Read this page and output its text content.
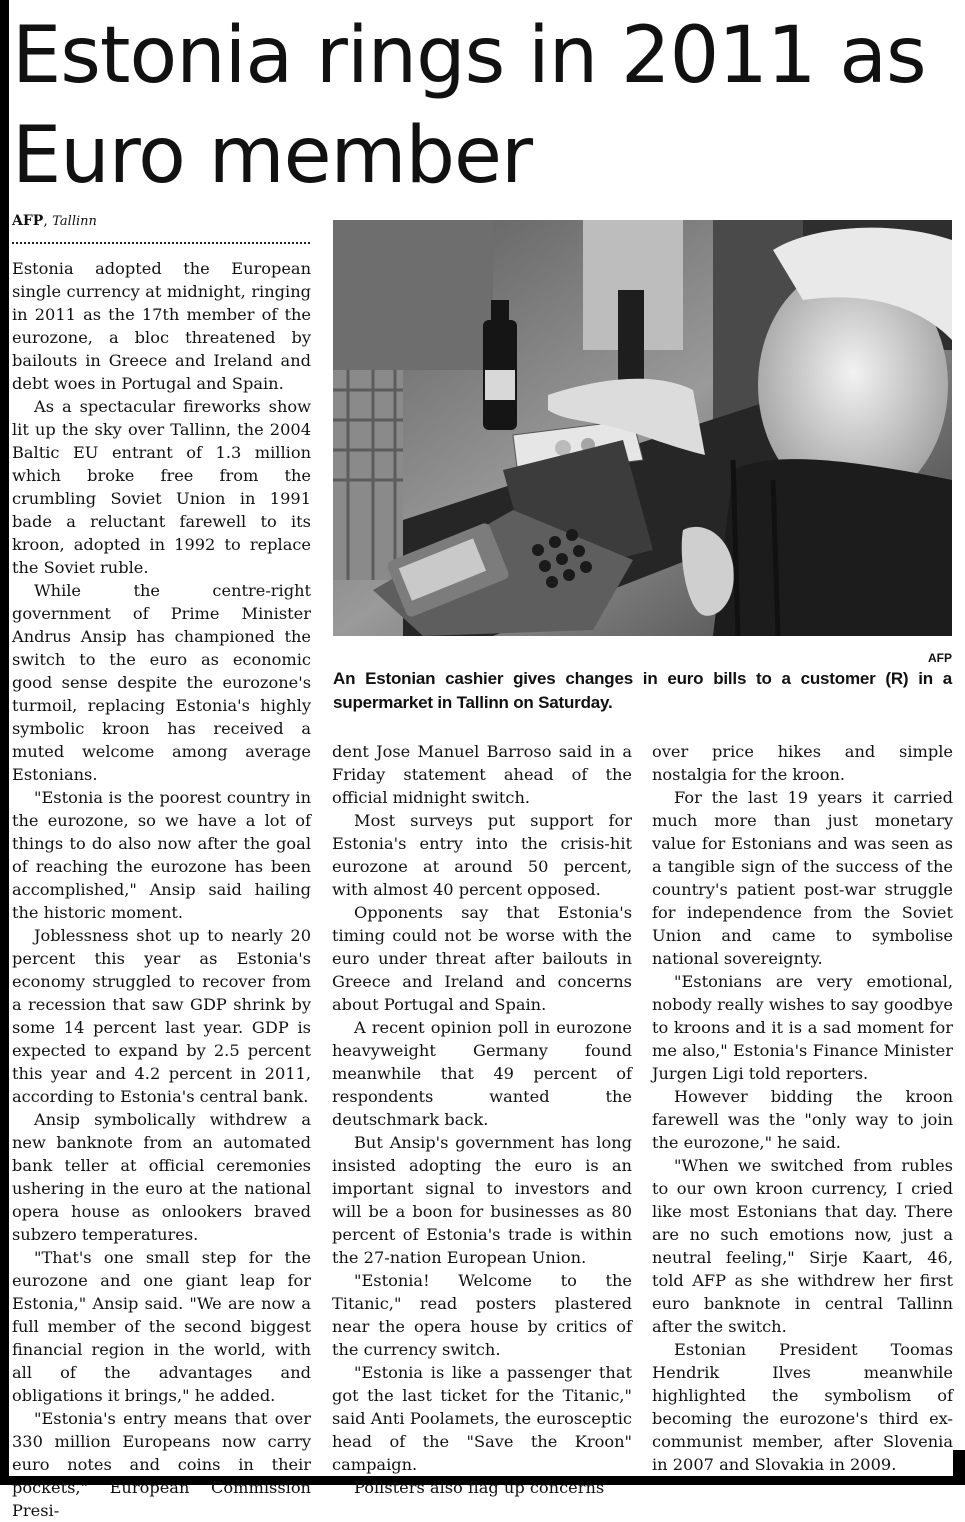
Estonia rings in 2011 as Euro member
AFP, Tallinn

Estonia adopted the European single currency at midnight, ringing in 2011 as the 17th member of the eurozone, a bloc threatened by bailouts in Greece and Ireland and debt woes in Portugal and Spain.

As a spectacular fireworks show lit up the sky over Tallinn, the 2004 Baltic EU entrant of 1.3 million which broke free from the crumbling Soviet Union in 1991 bade a reluctant farewell to its kroon, adopted in 1992 to replace the Soviet ruble.

While the centre-right government of Prime Minister Andrus Ansip has championed the switch to the euro as economic good sense despite the eurozone's turmoil, replacing Estonia's highly symbolic kroon has received a muted welcome among average Estonians.

"Estonia is the poorest country in the eurozone, so we have a lot of things to do also now after the goal of reaching the eurozone has been accomplished," Ansip said hailing the historic moment.

Joblessness shot up to nearly 20 percent this year as Estonia's economy struggled to recover from a recession that saw GDP shrink by some 14 percent last year. GDP is expected to expand by 2.5 percent this year and 4.2 percent in 2011, according to Estonia's central bank.

Ansip symbolically withdrew a new banknote from an automated bank teller at official ceremonies ushering in the euro at the national opera house as onlookers braved subzero temperatures.

"That's one small step for the eurozone and one giant leap for Estonia," Ansip said. "We are now a full member of the second biggest financial region in the world, with all of the advantages and obligations it brings," he added.

"Estonia's entry means that over 330 million Europeans now carry euro notes and coins in their pockets," European Commission Presi-

AFP

An Estonian cashier gives changes in euro bills to a customer (R) in a supermarket in Tallinn on Saturday.

dent Jose Manuel Barroso said in a Friday statement ahead of the official midnight switch.

Most surveys put support for Estonia's entry into the crisis-hit eurozone at around 50 percent, with almost 40 percent opposed.

Opponents say that Estonia's timing could not be worse with the euro under threat after bailouts in Greece and Ireland and concerns about Portugal and Spain.

A recent opinion poll in eurozone heavyweight Germany found meanwhile that 49 percent of respondents wanted the deutschmark back.

But Ansip's government has long insisted adopting the euro is an important signal to investors and will be a boon for businesses as 80 percent of Estonia's trade is within the 27-nation European Union.

"Estonia! Welcome to the Titanic," read posters plastered near the opera house by critics of the currency switch.

"Estonia is like a passenger that got the last ticket for the Titanic," said Anti Poolamets, the eurosceptic head of the "Save the Kroon" campaign.

Pollsters also flag up concerns

over price hikes and simple nostalgia for the kroon.

For the last 19 years it carried much more than just monetary value for Estonians and was seen as a tangible sign of the success of the country's patient post-war struggle for independence from the Soviet Union and came to symbolise national sovereignty.

"Estonians are very emotional, nobody really wishes to say goodbye to kroons and it is a sad moment for me also," Estonia's Finance Minister Jurgen Ligi told reporters.

However bidding the kroon farewell was the "only way to join the eurozone," he said.

"When we switched from rubles to our own kroon currency, I cried like most Estonians that day. There are no such emotions now, just a neutral feeling," Sirje Kaart, 46, told AFP as she withdrew her first euro banknote in central Tallinn after the switch.

Estonian President Toomas Hendrik Ilves meanwhile highlighted the symbolism of becoming the eurozone's third ex-communist member, after Slovenia in 2007 and Slovakia in 2009.
